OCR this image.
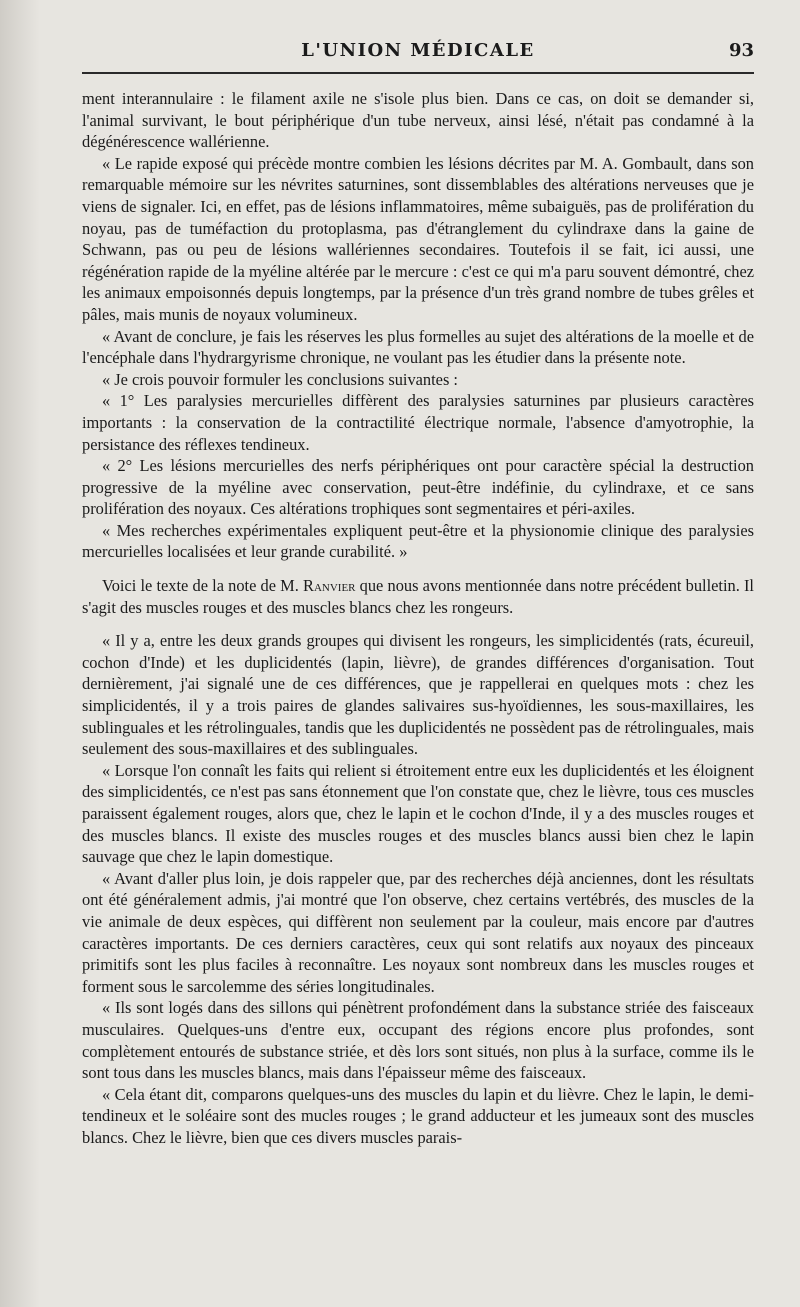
L'UNION MÉDICALE	93

ment interannulaire : le filament axile ne s'isole plus bien. Dans ce cas, on doit se demander si, l'animal survivant, le bout périphérique d'un tube nerveux, ainsi lésé, n'était pas condamné à la dégénérescence wallérienne.

« Le rapide exposé qui précède montre combien les lésions décrites par M. A. Gombault, dans son remarquable mémoire sur les névrites saturnines, sont dissemblables des altérations nerveuses que je viens de signaler. Ici, en effet, pas de lésions inflammatoires, même subaiguës, pas de prolifération du noyau, pas de tuméfaction du protoplasma, pas d'étranglement du cylindraxe dans la gaine de Schwann, pas ou peu de lésions wallériennes secondaires. Toutefois il se fait, ici aussi, une régénération rapide de la myéline altérée par le mercure : c'est ce qui m'a paru souvent démontré, chez les animaux empoisonnés depuis longtemps, par la présence d'un très grand nombre de tubes grêles et pâles, mais munis de noyaux volumineux.

« Avant de conclure, je fais les réserves les plus formelles au sujet des altérations de la moelle et de l'encéphale dans l'hydrargyrisme chronique, ne voulant pas les étudier dans la présente note.

« Je crois pouvoir formuler les conclusions suivantes :

« 1° Les paralysies mercurielles diffèrent des paralysies saturnines par plusieurs caractères importants : la conservation de la contractilité électrique normale, l'absence d'amyotrophie, la persistance des réflexes tendineux.

« 2° Les lésions mercurielles des nerfs périphériques ont pour caractère spécial la destruction progressive de la myéline avec conservation, peut-être indéfinie, du cylindraxe, et ce sans prolifération des noyaux. Ces altérations trophiques sont segmentaires et péri-axiles.

« Mes recherches expérimentales expliquent peut-être et la physionomie clinique des paralysies mercurielles localisées et leur grande curabilité. »

Voici le texte de la note de M. Ranvier que nous avons mentionnée dans notre précédent bulletin. Il s'agit des muscles rouges et des muscles blancs chez les rongeurs.

« Il y a, entre les deux grands groupes qui divisent les rongeurs, les simplicidentés (rats, écureuil, cochon d'Inde) et les duplicidentés (lapin, lièvre), de grandes différences d'organisation. Tout dernièrement, j'ai signalé une de ces différences, que je rappellerai en quelques mots : chez les simplicidentés, il y a trois paires de glandes salivaires sus-hyoïdiennes, les sous-maxillaires, les sublinguales et les rétrolinguales, tandis que les duplicidentés ne possèdent pas de rétrolinguales, mais seulement des sous-maxillaires et des sublinguales.

« Lorsque l'on connaît les faits qui relient si étroitement entre eux les duplicidentés et les éloignent des simplicidentés, ce n'est pas sans étonnement que l'on constate que, chez le lièvre, tous ces muscles paraissent également rouges, alors que, chez le lapin et le cochon d'Inde, il y a des muscles rouges et des muscles blancs. Il existe des muscles rouges et des muscles blancs aussi bien chez le lapin sauvage que chez le lapin domestique.

« Avant d'aller plus loin, je dois rappeler que, par des recherches déjà anciennes, dont les résultats ont été généralement admis, j'ai montré que l'on observe, chez certains vertébrés, des muscles de la vie animale de deux espèces, qui diffèrent non seulement par la couleur, mais encore par d'autres caractères importants. De ces derniers caractères, ceux qui sont relatifs aux noyaux des pinceaux primitifs sont les plus faciles à reconnaître. Les noyaux sont nombreux dans les muscles rouges et forment sous le sarcolemme des séries longitudinales.

« Ils sont logés dans des sillons qui pénètrent profondément dans la substance striée des faisceaux musculaires. Quelques-uns d'entre eux, occupant des régions encore plus profondes, sont complètement entourés de substance striée, et dès lors sont situés, non plus à la surface, comme ils le sont tous dans les muscles blancs, mais dans l'épaisseur même des faisceaux.

« Cela étant dit, comparons quelques-uns des muscles du lapin et du lièvre. Chez le lapin, le demi-tendineux et le soléaire sont des mucles rouges ; le grand adducteur et les jumeaux sont des muscles blancs. Chez le lièvre, bien que ces divers muscles parais-
